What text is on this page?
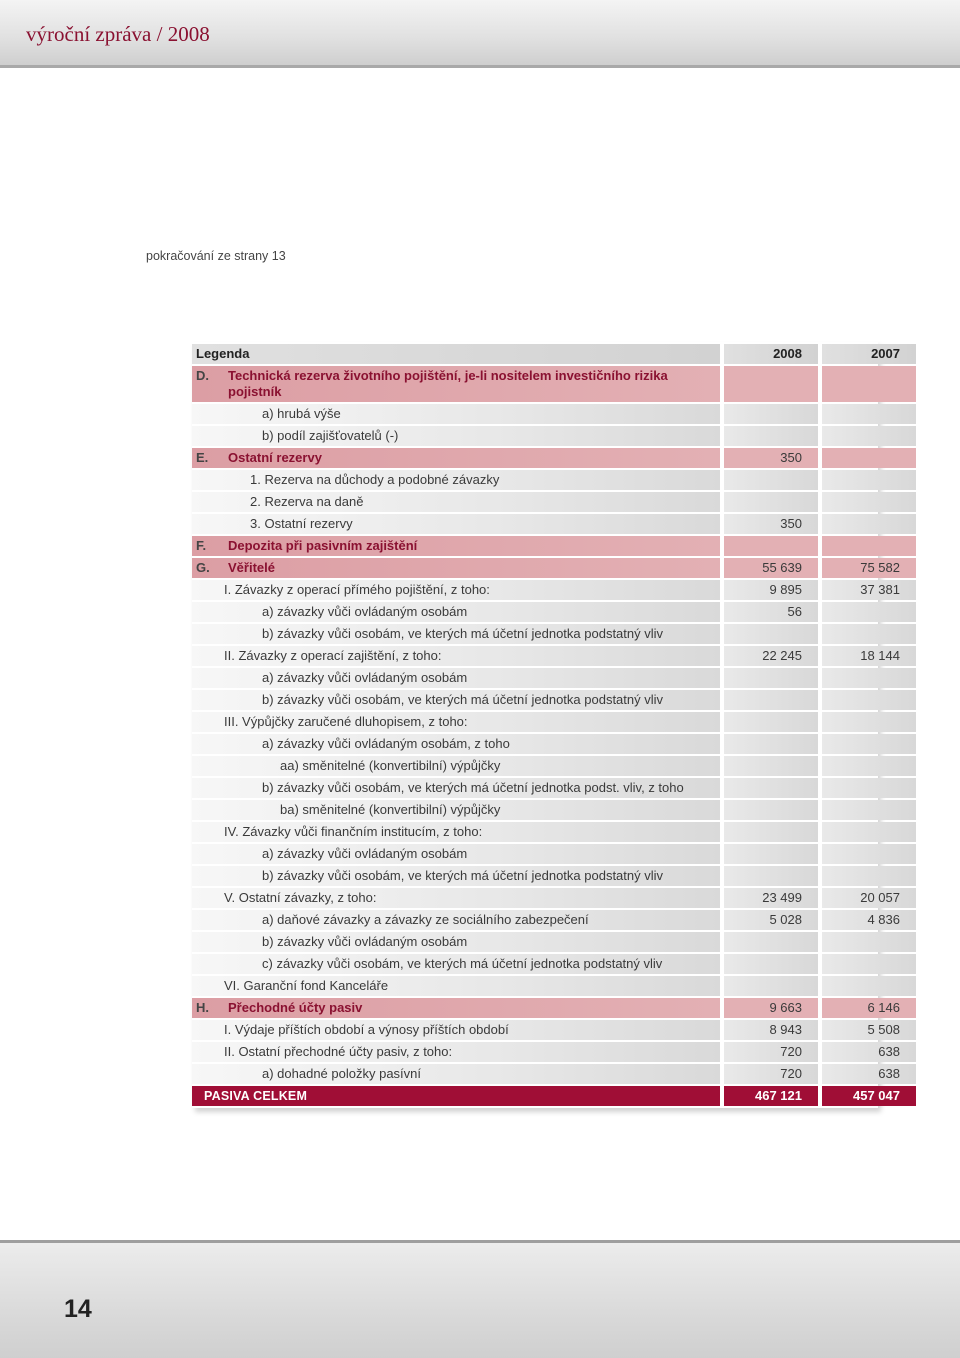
výroční zpráva / 2008
pokračování ze strany 13
Legenda		2008		2007
D. Technická rezerva životního pojištění, je-li nositelem investičního rizika pojistník				
a) hrubá výše				
b) podíl zajišťovatelů (-)				
E. Ostatní rezervy		350		
1. Rezerva na důchody a podobné závazky				
2. Rezerva na daně				
3. Ostatní rezervy		350		
F. Depozita při pasivním zajištění				
G. Věřitelé		55 639		75 582
I. Závazky z operací přímého pojištění, z toho:		9 895		37 381
a) závazky vůči ovládaným osobám		56		
b) závazky vůči osobám, ve kterých má účetní jednotka podstatný vliv				
II. Závazky z operací zajištění, z toho:		22 245		18 144
a) závazky vůči ovládaným osobám				
b) závazky vůči osobám, ve kterých má účetní jednotka podstatný vliv				
III. Výpůjčky zaručené dluhopisem, z toho:				
a) závazky vůči ovládaným osobám, z toho				
aa) směnitelné (konvertibilní) výpůjčky				
b) závazky vůči osobám, ve kterých má účetní jednotka podst. vliv, z toho				
ba) směnitelné (konvertibilní) výpůjčky				
IV. Závazky vůči finančním institucím, z toho:				
a) závazky vůči ovládaným osobám				
b) závazky vůči osobám, ve kterých má účetní jednotka podstatný vliv				
V. Ostatní závazky, z toho:		23 499		20 057
a) daňové závazky a závazky ze sociálního zabezpečení		5 028		4 836
b) závazky vůči ovládaným osobám				
c) závazky vůči osobám, ve kterých má účetní jednotka podstatný vliv				
VI. Garanční fond Kanceláře				
H. Přechodné účty pasiv		9 663		6 146
I. Výdaje příštích období a výnosy příštích období		8 943		5 508
II. Ostatní přechodné účty pasiv, z toho:		720		638
a) dohadné položky pasívní		720		638
PASIVA CELKEM		467 121		457 047
14
